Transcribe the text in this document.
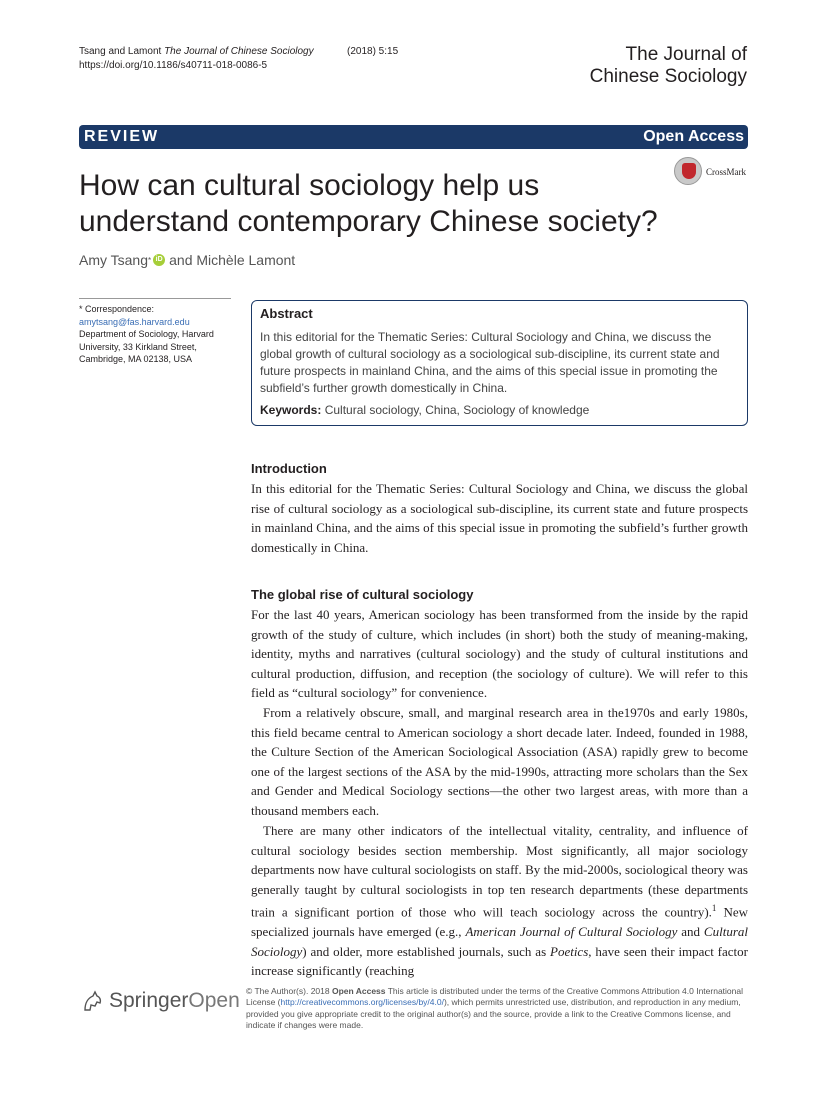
Tsang and Lamont
The Journal of Chinese Sociology	(2018) 5:15
https://doi.org/10.1186/s40711-018-0086-5
The Journal of
Chinese Sociology
REVIEW	Open Access
How can cultural sociology help us
understand contemporary Chinese society?
CrossMark
Amy Tsang * iD and Michèle Lamont
* Correspondence:
amytsang@fas.harvard.edu
Department of Sociology, Harvard University, 33 Kirkland Street, Cambridge, MA 02138, USA
Abstract
In this editorial for the Thematic Series: Cultural Sociology and China, we discuss the global growth of cultural sociology as a sociological sub-discipline, its current state and future prospects in mainland China, and the aims of this special issue in promoting the subfield’s further growth domestically in China.
Keywords: Cultural sociology, China, Sociology of knowledge
Introduction
In this editorial for the Thematic Series: Cultural Sociology and China, we discuss the global rise of cultural sociology as a sociological sub-discipline, its current state and future prospects in mainland China, and the aims of this special issue in promoting the subfield’s further growth domestically in China.
The global rise of cultural sociology
For the last 40 years, American sociology has been transformed from the inside by the rapid growth of the study of culture, which includes (in short) both the study of meaning-making, identity, myths and narratives (cultural sociology) and the study of cultural institutions and cultural production, diffusion, and reception (the sociology of culture). We will refer to this field as “cultural sociology” for convenience.
From a relatively obscure, small, and marginal research area in the1970s and early 1980s, this field became central to American sociology a short decade later. Indeed, founded in 1988, the Culture Section of the American Sociological Association (ASA) rapidly grew to become one of the largest sections of the ASA by the mid-1990s, attracting more scholars than the Sex and Gender and Medical Sociology sections—the other two largest areas, with more than a thousand members each.
There are many other indicators of the intellectual vitality, centrality, and influence of cultural sociology besides section membership. Most significantly, all major sociology departments now have cultural sociologists on staff. By the mid-2000s, sociological theory was generally taught by cultural sociologists in top ten research departments (these departments train a significant portion of those who will teach sociology across the country).$^1$ New specialized journals have emerged (e.g., American Journal of Cultural Sociology and Cultural Sociology) and older, more established journals, such as Poetics, have seen their impact factor increase significantly (reaching
Springer Open © The Author(s). 2018 Open Access This article is distributed under the terms of the Creative Commons Attribution 4.0 International License (http://creativecommons.org/licenses/by/4.0/), which permits unrestricted use, distribution, and reproduction in any medium, provided you give appropriate credit to the original author(s) and the source, provide a link to the Creative Commons license, and indicate if changes were made.
